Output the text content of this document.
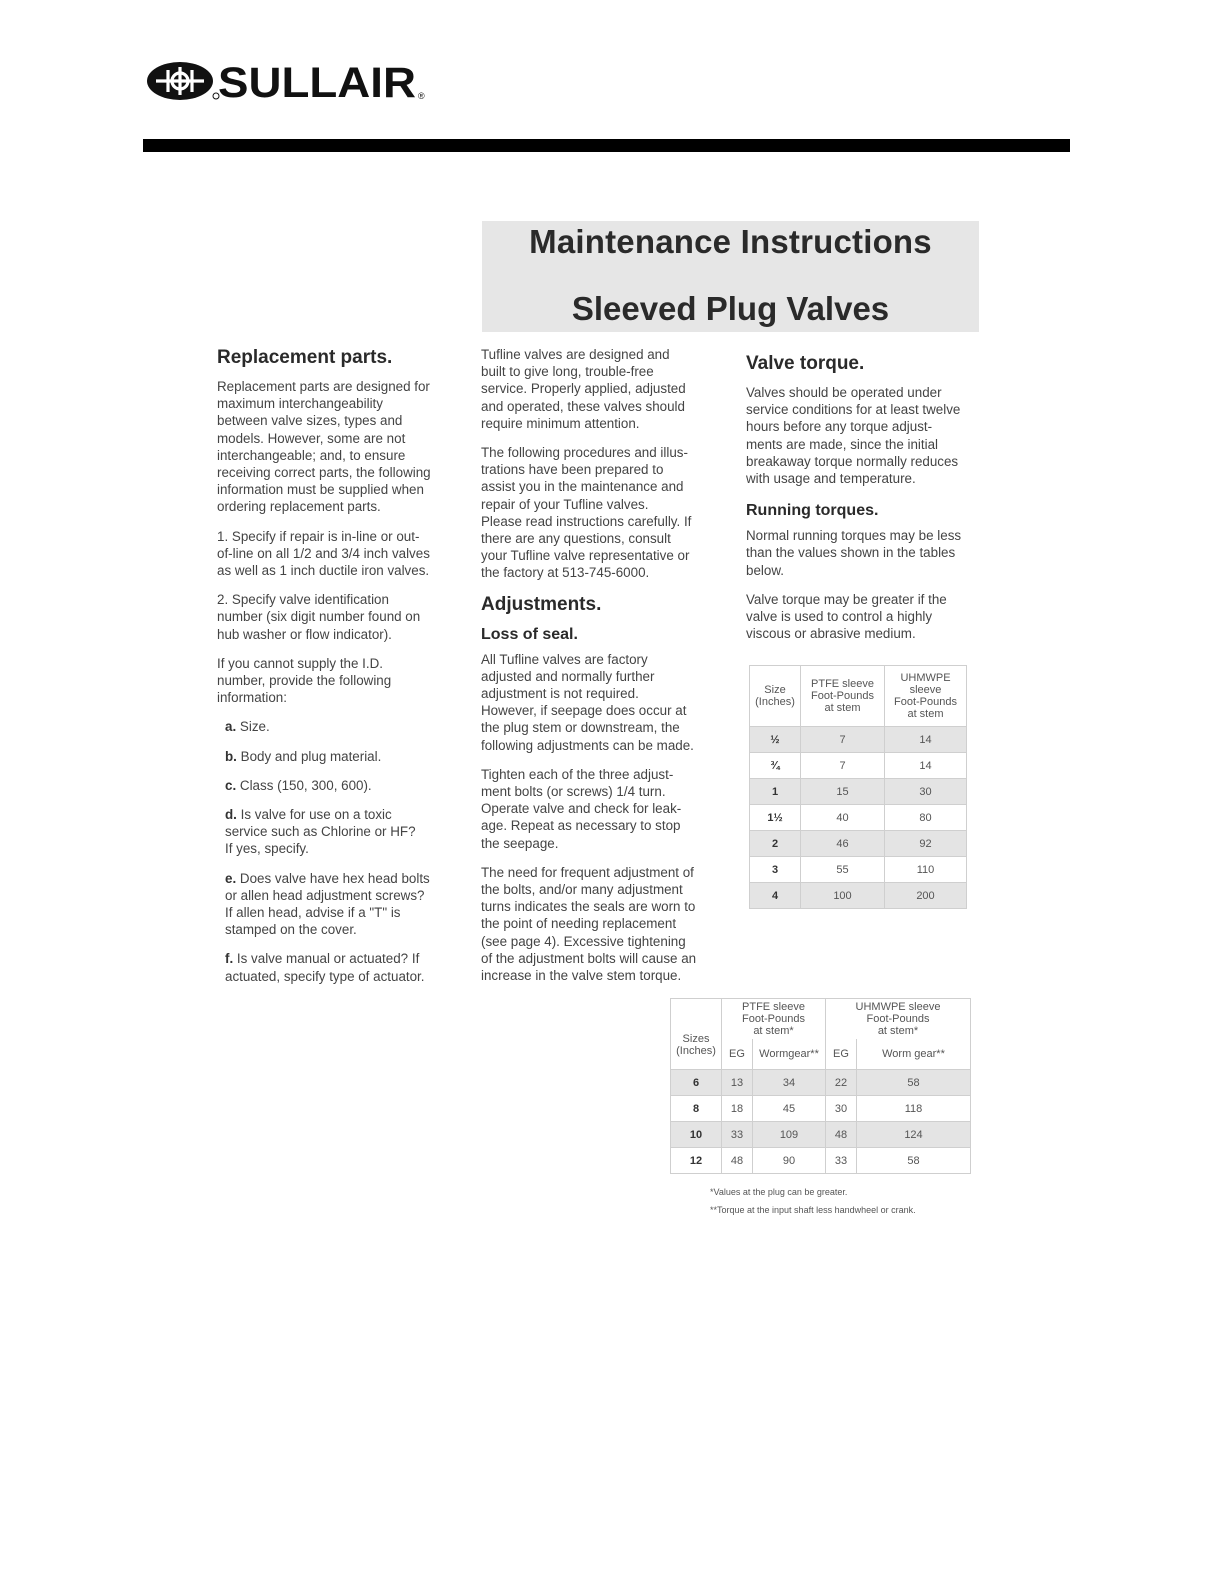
SULLAIR ®
Maintenance Instructions
Sleeved Plug Valves
Replacement parts.

Replacement parts are designed for
maximum interchangeability
between valve sizes, types and
models. However, some are not
interchangeable; and, to ensure
receiving correct parts, the following
information must be supplied when
ordering replacement parts.

1. Specify if repair is in-line or out-
of-line on all 1/2 and 3/4 inch valves
as well as 1 inch ductile iron valves.

2. Specify valve identification
number (six digit number found on
hub washer or flow indicator).

If you cannot supply the I.D.
number, provide the following
information:

a. Size.
b. Body and plug material.
c. Class (150, 300, 600).
d. Is valve for use on a toxic
service such as Chlorine or HF?
If yes, specify.
e. Does valve have hex head bolts
or allen head adjustment screws?
If allen head, advise if a "T" is
stamped on the cover.
f. Is valve manual or actuated? If
actuated, specify type of actuator.

Tufline valves are designed and
built to give long, trouble-free
service. Properly applied, adjusted
and operated, these valves should
require minimum attention.

The following procedures and illus-
trations have been prepared to
assist you in the maintenance and
repair of your Tufline valves.
Please read instructions carefully. If
there are any questions, consult
your Tufline valve representative or
the factory at 513-745-6000.

Adjustments.
Loss of seal.

All Tufline valves are factory
adjusted and normally further
adjustment is not required.
However, if seepage does occur at
the plug stem or downstream, the
following adjustments can be made.

Tighten each of the three adjust-
ment bolts (or screws) 1/4 turn.
Operate valve and check for leak-
age. Repeat as necessary to stop
the seepage.

The need for frequent adjustment of
the bolts, and/or many adjustment
turns indicates the seals are worn to
the point of needing replacement
(see page 4). Excessive tightening
of the adjustment bolts will cause an
increase in the valve stem torque.

Valve torque.

Valves should be operated under
service conditions for at least twelve
hours before any torque adjust-
ments are made, since the initial
breakaway torque normally reduces
with usage and temperature.

Running torques.

Normal running torques may be less
than the values shown in the tables
below.

Valve torque may be greater if the
valve is used to control a highly
viscous or abrasive medium.

Size
(Inches)	PTFE sleeve
Foot-Pounds
at stem	UHMWPE
sleeve
Foot-Pounds
at stem
½	7	14
¾	7	14
1	15	30
1½	40	80
2	46	92
3	55	110
4	100	200
Sizes
(Inches)	PTFE sleeve
Foot-Pounds
at stem*		UHMWPE sleeve
Foot-Pounds
at stem*	
	EG	Wormgear**	EG	Worm gear**
6	13	34	22	58
8	18	45	30	118
10	33	109	48	124
12	48	90	33	58
*Values at the plug can be greater.
**Torque at the input shaft less handwheel or crank.
